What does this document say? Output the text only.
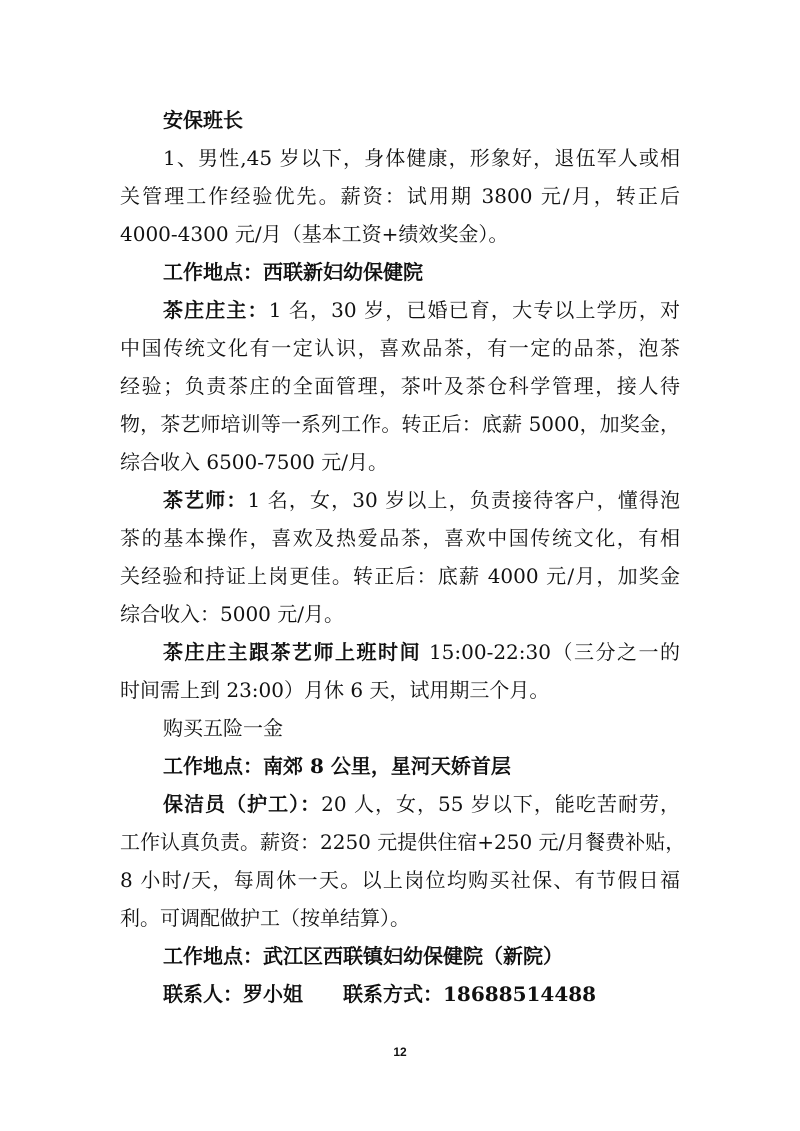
安保班长
1、男性,45 岁以下，身体健康，形象好，退伍军人或相
关管理工作经验优先。薪资：试用期 3800 元/月，转正后
4000-4300 元/月（基本工资+绩效奖金）。
工作地点：西联新妇幼保健院
茶庄庄主：1 名，30 岁，已婚已育，大专以上学历，对
中国传统文化有一定认识，喜欢品茶，有一定的品茶，泡茶
经验；负责茶庄的全面管理，茶叶及茶仓科学管理，接人待
物，茶艺师培训等一系列工作。转正后：底薪 5000，加奖金，
综合收入 6500-7500 元/月。
茶艺师：1 名，女，30 岁以上，负责接待客户，懂得泡
茶的基本操作，喜欢及热爱品茶，喜欢中国传统文化，有相
关经验和持证上岗更佳。转正后：底薪 4000 元/月，加奖金
综合收入：5000 元/月。
茶庄庄主跟茶艺师上班时间 15:00-22:30（三分之一的
时间需上到 23:00）月休 6 天，试用期三个月。
购买五险一金
工作地点：南郊 8 公里，星河天娇首层
保洁员（护工）：20 人，女，55 岁以下，能吃苦耐劳，
工作认真负责。薪资：2250 元提供住宿+250 元/月餐费补贴，
8 小时/天，每周休一天。以上岗位均购买社保、有节假日福
利。可调配做护工（按单结算）。
工作地点：武江区西联镇妇幼保健院（新院）
联系人：罗小姐 联系方式：18688514488
12
